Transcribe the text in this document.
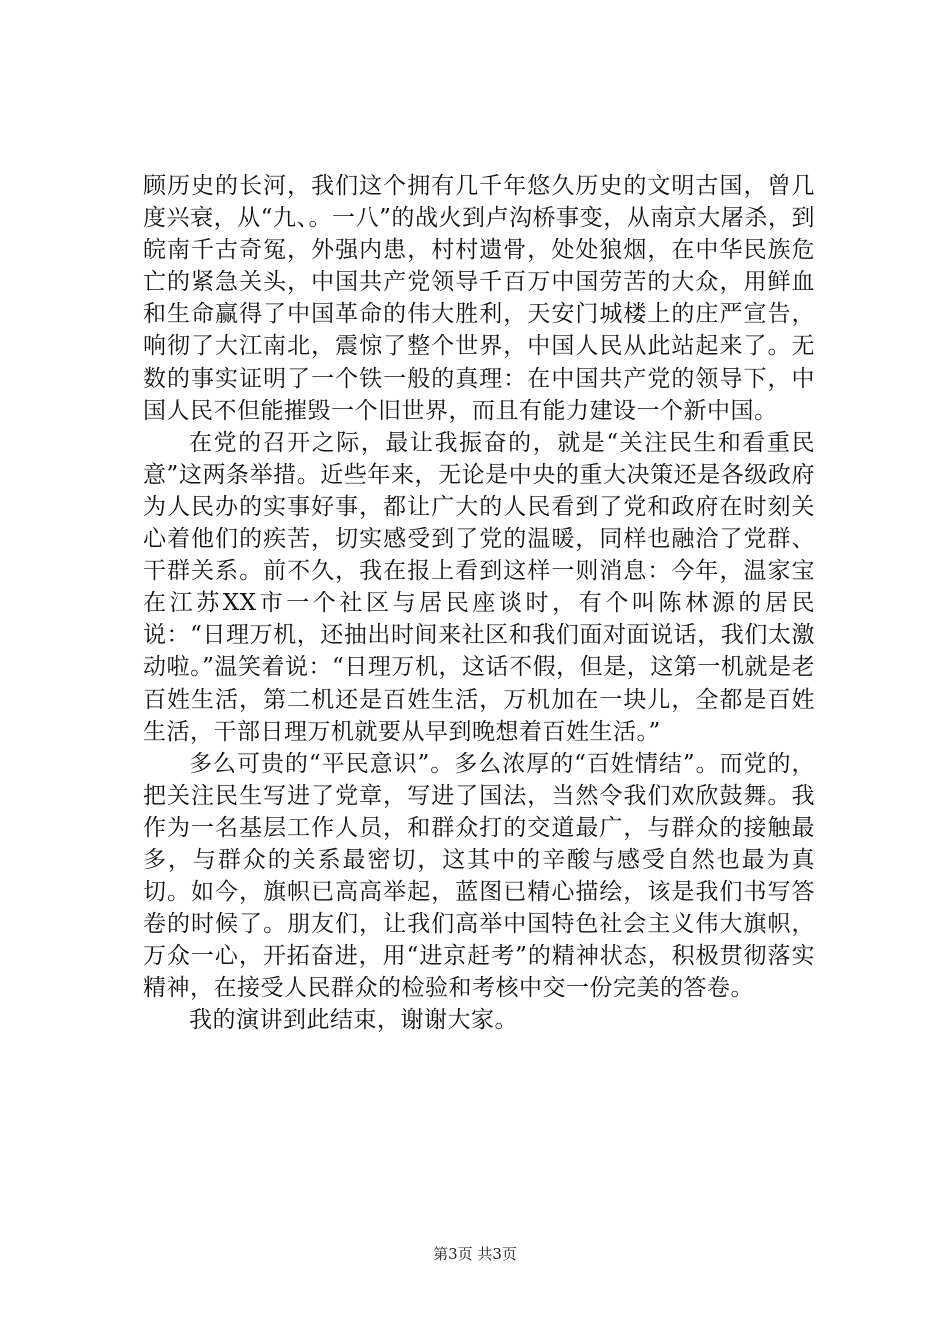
顾历史的长河，我们这个拥有几千年悠久历史的文明古国，曾几度兴衰，从“九、。一八”的战火到卢沟桥事变，从南京大屠杀，到皖南千古奇冤，外强内患，村村遗骨，处处狼烟，在中华民族危亡的紧急关头，中国共产党领导千百万中国劳苦的大众，用鲜血和生命赢得了中国革命的伟大胜利，天安门城楼上的庄严宣告，响彻了大江南北，震惊了整个世界，中国人民从此站起来了。无数的事实证明了一个铁一般的真理：在中国共产党的领导下，中国人民不但能摧毁一个旧世界，而且有能力建设一个新中国。

在党的召开之际，最让我振奋的，就是“关注民生和看重民意”这两条举措。近些年来，无论是中央的重大决策还是各级政府为人民办的实事好事，都让广大的人民看到了党和政府在时刻关心着他们的疾苦，切实感受到了党的温暖，同样也融洽了党群、干群关系。前不久，我在报上看到这样一则消息：今年，温家宝在江苏XX市一个社区与居民座谈时，有个叫陈林源的居民说：“日理万机，还抽出时间来社区和我们面对面说话，我们太激动啦。”温笑着说：“日理万机，这话不假，但是，这第一机就是老百姓生活，第二机还是百姓生活，万机加在一块儿，全都是百姓生活，干部日理万机就要从早到晚想着百姓生活。”

多么可贵的“平民意识”。多么浓厚的“百姓情结”。而党的，把关注民生写进了党章，写进了国法，当然令我们欢欣鼓舞。我作为一名基层工作人员，和群众打的交道最广，与群众的接触最多，与群众的关系最密切，这其中的辛酸与感受自然也最为真切。如今，旗帜已高高举起，蓝图已精心描绘，该是我们书写答卷的时候了。朋友们，让我们高举中国特色社会主义伟大旗帜，万众一心，开拓奋进，用“进京赶考”的精神状态，积极贯彻落实精神，在接受人民群众的检验和考核中交一份完美的答卷。

我的演讲到此结束，谢谢大家。

第3页 共3页
